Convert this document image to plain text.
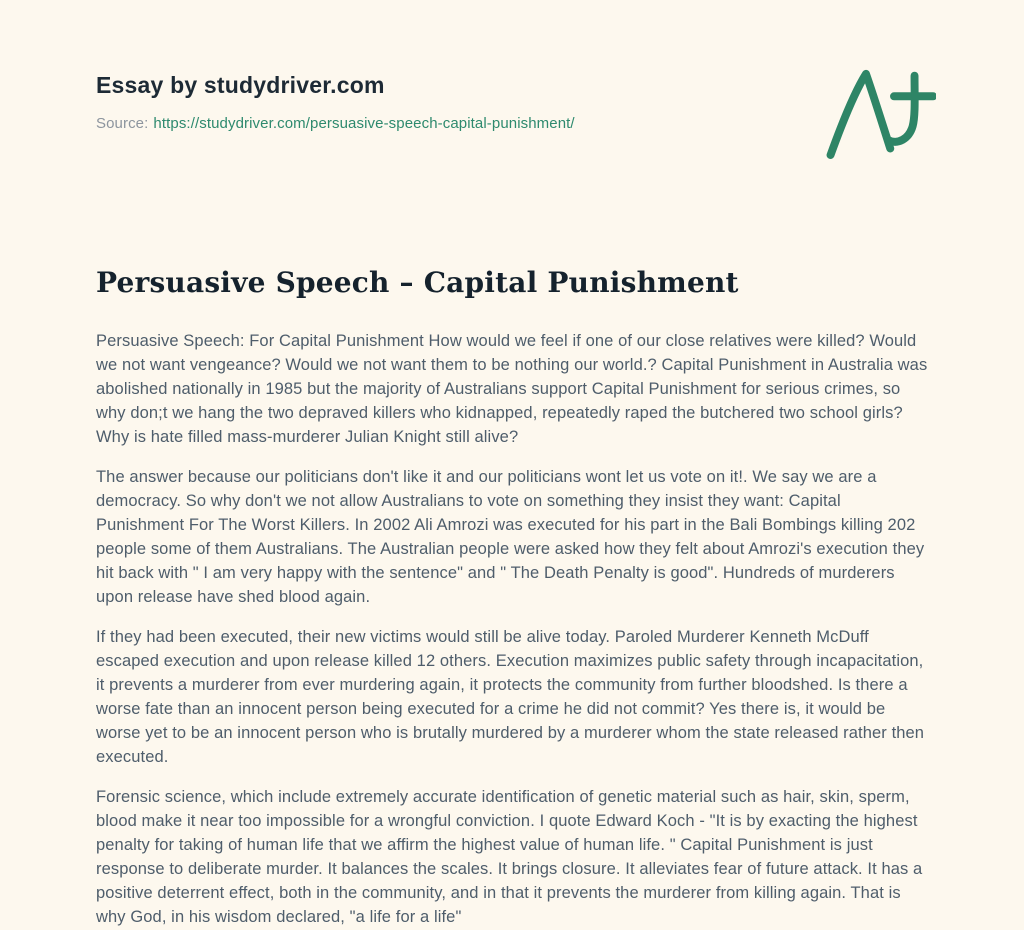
Essay by studydriver.com

Source: https://studydriver.com/persuasive-speech-capital-punishment/

Persuasive Speech – Capital Punishment

Persuasive Speech: For Capital Punishment How would we feel if one of our close relatives were killed? Would we not want vengeance? Would we not want them to be nothing our world.? Capital Punishment in Australia was abolished nationally in 1985 but the majority of Australians support Capital Punishment for serious crimes, so why don;t we hang the two depraved killers who kidnapped, repeatedly raped the butchered two school girls? Why is hate filled mass-murderer Julian Knight still alive?

The answer because our politicians don't like it and our politicians wont let us vote on it!. We say we are a democracy. So why don't we not allow Australians to vote on something they insist they want: Capital Punishment For The Worst Killers. In 2002 Ali Amrozi was executed for his part in the Bali Bombings killing 202 people some of them Australians. The Australian people were asked how they felt about Amrozi's execution they hit back with " I am very happy with the sentence" and " The Death Penalty is good". Hundreds of murderers upon release have shed blood again.

If they had been executed, their new victims would still be alive today. Paroled Murderer Kenneth McDuff escaped execution and upon release killed 12 others. Execution maximizes public safety through incapacitation, it prevents a murderer from ever murdering again, it protects the community from further bloodshed. Is there a worse fate than an innocent person being executed for a crime he did not commit? Yes there is, it would be worse yet to be an innocent person who is brutally murdered by a murderer whom the state released rather then executed.

Forensic science, which include extremely accurate identification of genetic material such as hair, skin, sperm, blood make it near too impossible for a wrongful conviction. I quote Edward Koch - "It is by exacting the highest penalty for taking of human life that we affirm the highest value of human life. " Capital Punishment is just response to deliberate murder. It balances the scales. It brings closure. It alleviates fear of future attack. It has a positive deterrent effect, both in the community, and in that it prevents the murderer from killing again. That is why God, in his wisdom declared, "a life for a life"
